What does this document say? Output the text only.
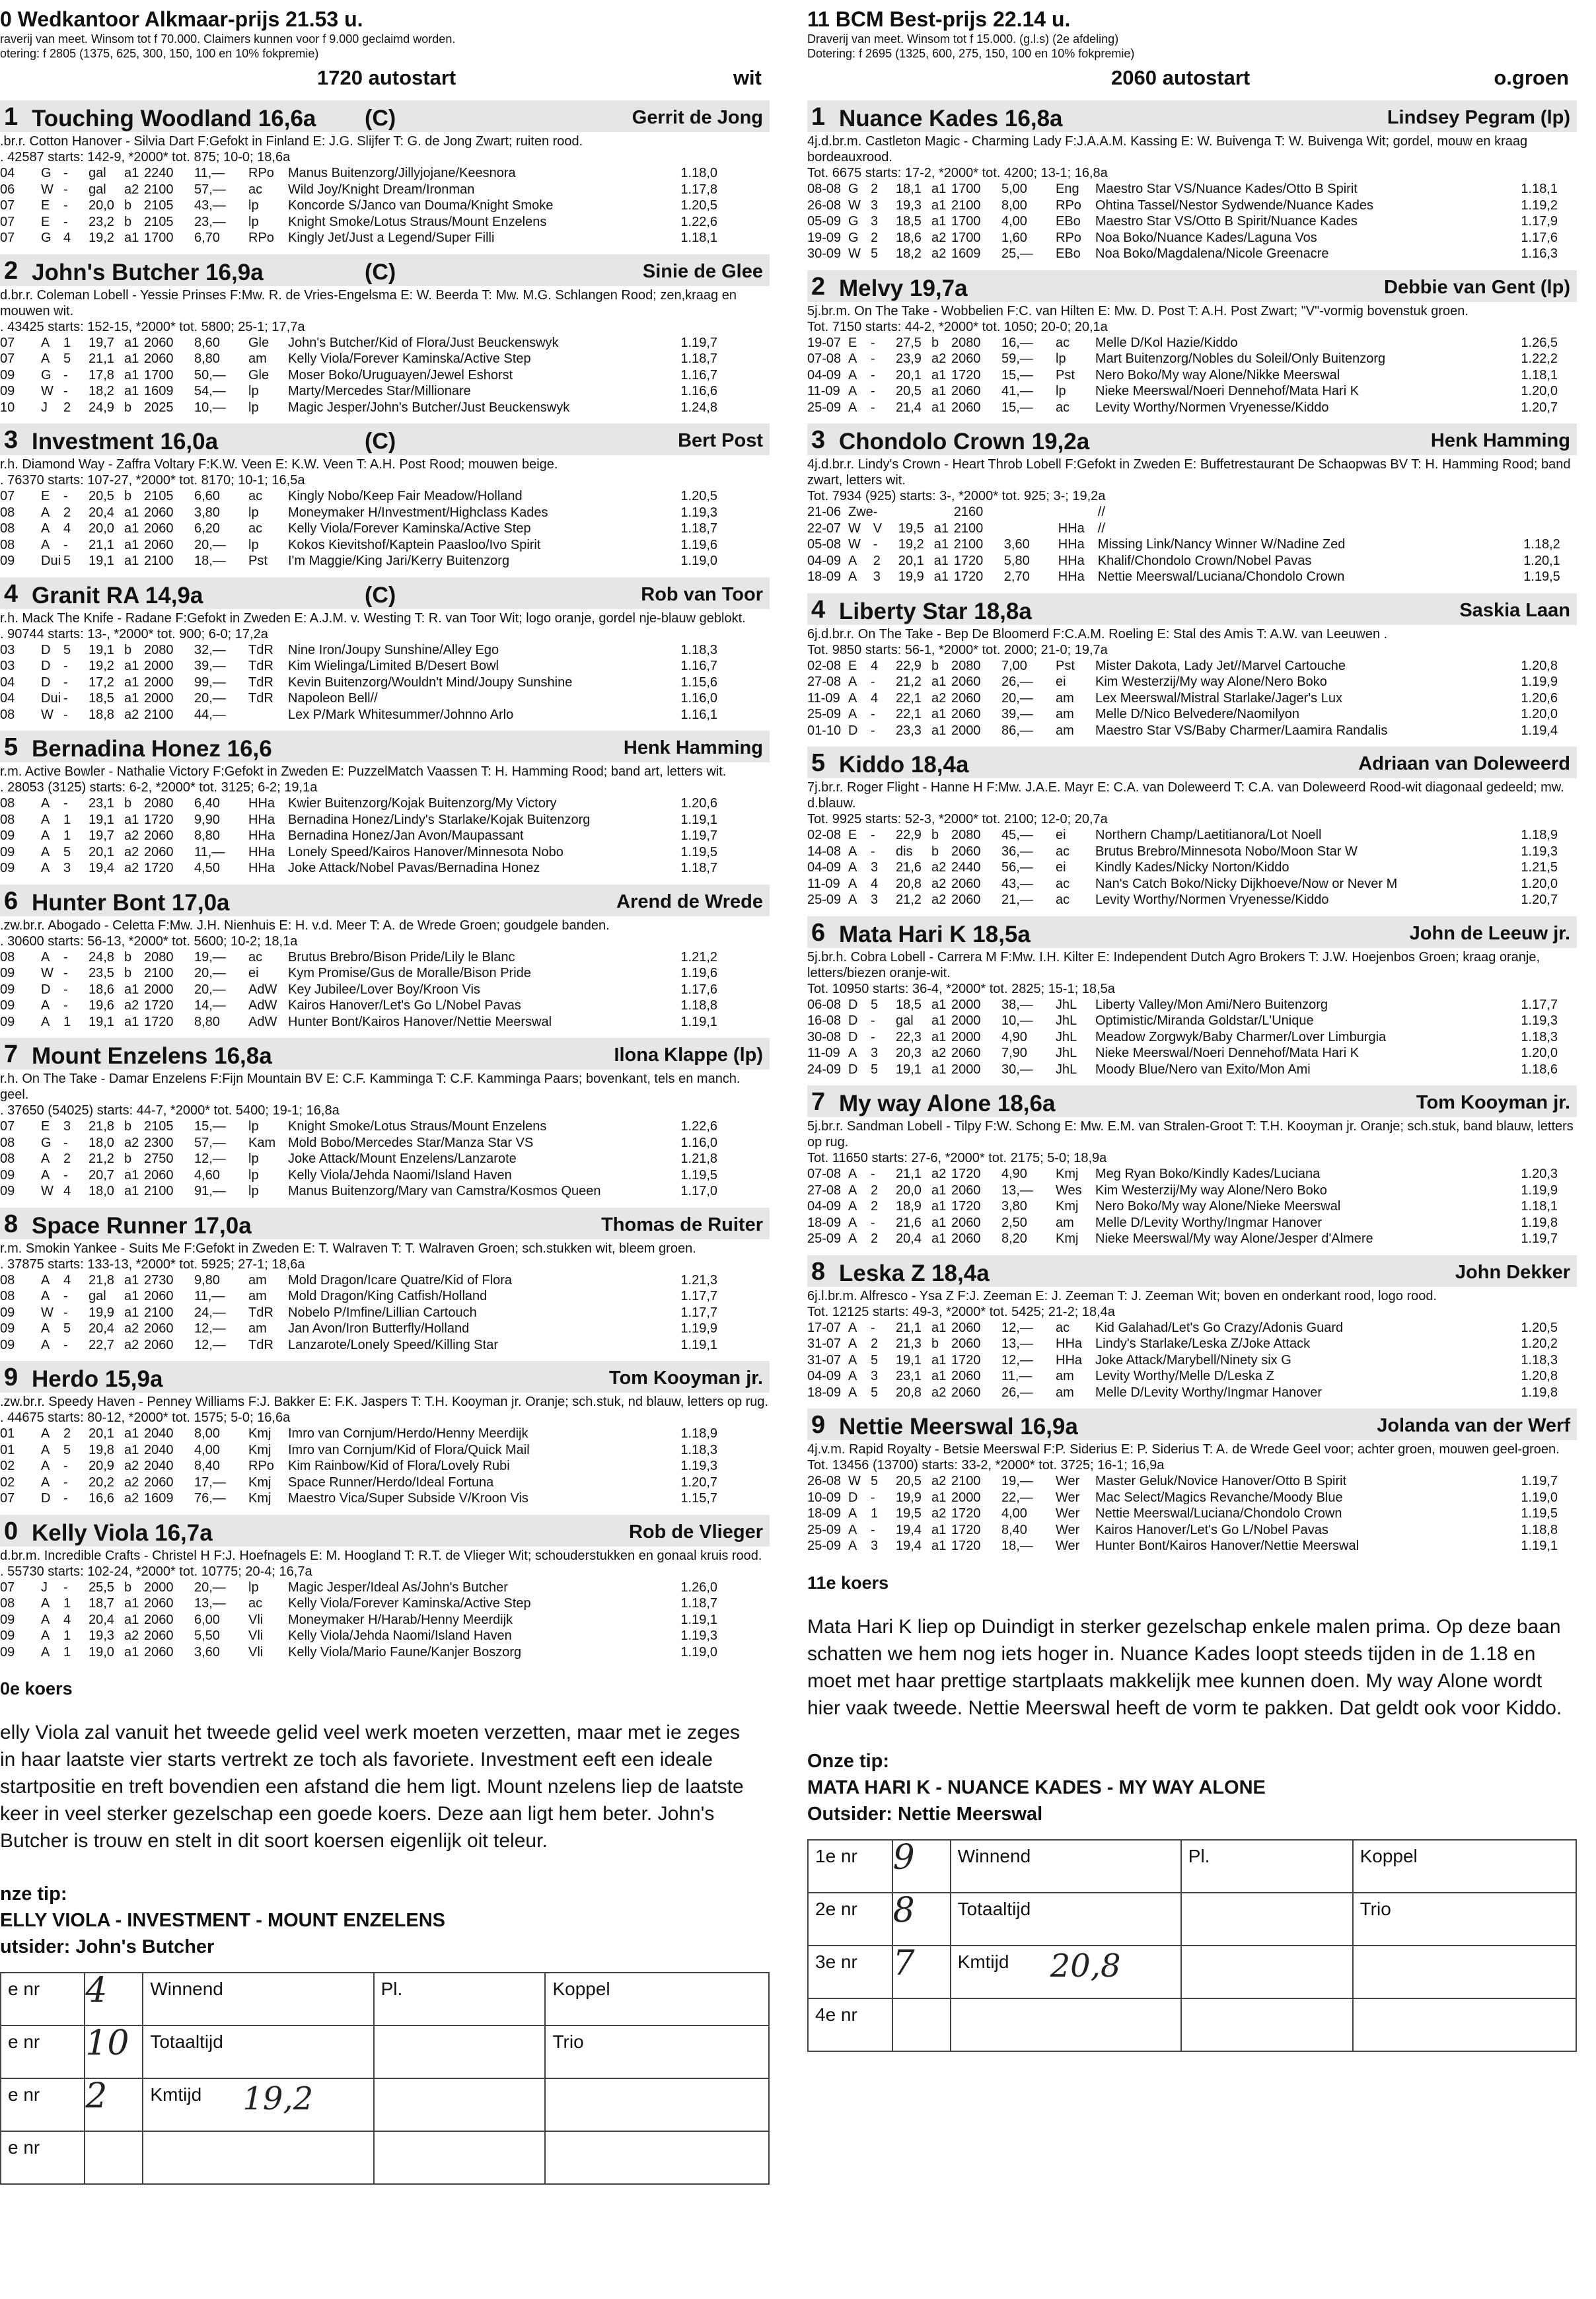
0 Wedkantoor Alkmaar-prijs 21.53 u.
raverij van meet. Winsom tot f 70.000. Claimers kunnen voor f 9.000 geclaimd worden.
otering: f 2805 (1375, 625, 300, 150, 100 en 10% fokpremie)
1720 autostart	wit
1 Touching Woodland 16,6a (C)	Gerrit de Jong
.br.r. Cotton Hanover - Silvia Dart F:Gefokt in Finland E: J.G. Slijfer T: G. de Jong Zwart; ruiten rood.
. 42587 starts: 142-9, *2000* tot. 875; 10-0; 18,6a
04	G	-	gal	a1	2240	11,—	RPo	Manus Buitenzorg/Jillyjojane/Keesnora	1.18,0
06	W	-	gal	a2	2100	57,—	ac	Wild Joy/Knight Dream/Ironman	1.17,8
07	E	-	20,0	b	2105	43,—	lp	Koncorde S/Janco van Douma/Knight Smoke	1.20,5
07	E	-	23,2	b	2105	23,—	lp	Knight Smoke/Lotus Straus/Mount Enzelens	1.22,6
07	G	4	19,2	a1	1700	6,70	RPo	Kingly Jet/Just a Legend/Super Filli	1.18,1
2 John's Butcher 16,9a	(C)	Sinie de Glee
d.br.r. Coleman Lobell - Yessie Prinses F:Mw. R. de Vries-Engelsma E: W. Beerda T: Mw. M.G. Schlangen Rood; zen,kraag en mouwen wit.
. 43425 starts: 152-15, *2000* tot. 5800; 25-1; 17,7a
07	A	1	19,7	a1	2060	8,60	Gle	John's Butcher/Kid of Flora/Just Beuckenswyk	1.19,7
07	A	5	21,1	a1	2060	8,80	am	Kelly Viola/Forever Kaminska/Active Step	1.18,7
09	G	-	17,8	a1	1700	50,—	Gle	Moser Boko/Uruguayen/Jewel Eshorst	1.16,7
09	W	-	18,2	a1	1609	54,—	lp	Marty/Mercedes Star/Millionare	1.16,6
10	J	2	24,9	b	2025	10,—	lp	Magic Jesper/John's Butcher/Just Beuckenswyk	1.24,8
3 Investment 16,0a	(C)	Bert Post
r.h. Diamond Way - Zaffra Voltary F:K.W. Veen E: K.W. Veen T: A.H. Post Rood; mouwen beige.
. 76370 starts: 107-27, *2000* tot. 8170; 10-1; 16,5a
07	E	-	20,5	b	2105	6,60	ac	Kingly Nobo/Keep Fair Meadow/Holland	1.20,5
08	A	2	20,4	a1	2060	3,80	lp	Moneymaker H/Investment/Highclass Kades	1.19,3
08	A	4	20,0	a1	2060	6,20	ac	Kelly Viola/Forever Kaminska/Active Step	1.18,7
08	A	-	21,1	a1	2060	20,—	lp	Kokos Kievitshof/Kaptein Paasloo/Ivo Spirit	1.19,6
09	Dui	5	19,1	a1	2100	18,—	Pst	I'm Maggie/King Jari/Kerry Buitenzorg	1.19,0
4 Granit RA 14,9a	(C)	Rob van Toor
r.h. Mack The Knife - Radane F:Gefokt in Zweden E: A.J.M. v. Westing T: R. van Toor Wit; logo oranje, gordel nje-blauw geblokt.
. 90744 starts: 13-, *2000* tot. 900; 6-0; 17,2a
03	D	5	19,1	b	2080	32,—	TdR	Nine Iron/Joupy Sunshine/Alley Ego	1.18,3
03	D	-	19,2	a1	2000	39,—	TdR	Kim Wielinga/Limited B/Desert Bowl	1.16,7
04	D	-	17,2	a1	2000	99,—	TdR	Kevin Buitenzorg/Wouldn't Mind/Joupy Sunshine	1.15,6
04	Dui	-	18,5	a1	2000	20,—	TdR	Napoleon Bell//	1.16,0
08	W	-	18,8	a2	2100	44,—		Lex P/Mark Whitesummer/Johnno Arlo	1.16,1
5 Bernadina Honez 16,6	Henk Hamming
r.m. Active Bowler - Nathalie Victory F:Gefokt in Zweden E: PuzzelMatch Vaassen T: H. Hamming Rood; band art, letters wit.
. 28053 (3125) starts: 6-2, *2000* tot. 3125; 6-2; 19,1a
08	A	-	23,1	b	2080	6,40	HHa	Kwier Buitenzorg/Kojak Buitenzorg/My Victory	1.20,6
08	A	1	19,1	a1	1720	9,90	HHa	Bernadina Honez/Lindy's Starlake/Kojak Buitenzorg	1.19,1
09	A	1	19,7	a2	2060	8,80	HHa	Bernadina Honez/Jan Avon/Maupassant	1.19,7
09	A	5	20,1	a2	2060	11,—	HHa	Lonely Speed/Kairos Hanover/Minnesota Nobo	1.19,5
09	A	3	19,4	a2	1720	4,50	HHa	Joke Attack/Nobel Pavas/Bernadina Honez	1.18,7
6 Hunter Bont 17,0a	Arend de Wrede
.zw.br.r. Abogado - Celetta F:Mw. J.H. Nienhuis E: H. v.d. Meer T: A. de Wrede Groen; goudgele banden.
. 30600 starts: 56-13, *2000* tot. 5600; 10-2; 18,1a
08	A	-	24,8	b	2080	19,—	ac	Brutus Brebro/Bison Pride/Lily le Blanc	1.21,2
09	W	-	23,5	b	2100	20,—	ei	Kym Promise/Gus de Moralle/Bison Pride	1.19,6
09	D	-	18,6	a1	2000	20,—	AdW	Key Jubilee/Lover Boy/Kroon Vis	1.17,6
09	A	-	19,6	a2	1720	14,—	AdW	Kairos Hanover/Let's Go L/Nobel Pavas	1.18,8
09	A	1	19,1	a1	1720	8,80	AdW	Hunter Bont/Kairos Hanover/Nettie Meerswal	1.19,1
7 Mount Enzelens 16,8a	Ilona Klappe (lp)
r.h. On The Take - Damar Enzelens F:Fijn Mountain BV E: C.F. Kamminga T: C.F. Kamminga Paars; bovenkant, tels en manch. geel.
. 37650 (54025) starts: 44-7, *2000* tot. 5400; 19-1; 16,8a
07	E	3	21,8	b	2105	15,—	lp	Knight Smoke/Lotus Straus/Mount Enzelens	1.22,6
08	G	-	18,0	a2	2300	57,—	Kam	Mold Bobo/Mercedes Star/Manza Star VS	1.16,0
08	A	2	21,2	b	2750	12,—	lp	Joke Attack/Mount Enzelens/Lanzarote	1.21,8
09	A	-	20,7	a1	2060	4,60	lp	Kelly Viola/Jehda Naomi/Island Haven	1.19,5
09	W	4	18,0	a1	2100	91,—	lp	Manus Buitenzorg/Mary van Camstra/Kosmos Queen	1.17,0
8 Space Runner 17,0a	Thomas de Ruiter
r.m. Smokin Yankee - Suits Me F:Gefokt in Zweden E: T. Walraven T: T. Walraven Groen; sch.stukken wit, bleem groen.
. 37875 starts: 133-13, *2000* tot. 5925; 27-1; 18,6a
08	A	4	21,8	a1	2730	9,80	am	Mold Dragon/Icare Quatre/Kid of Flora	1.21,3
08	A	-	gal	a1	2060	11,—	am	Mold Dragon/King Catfish/Holland	1.17,7
09	W	-	19,9	a1	2100	24,—	TdR	Nobelo P/Imfine/Lillian Cartouch	1.17,7
09	A	5	20,4	a2	2060	12,—	am	Jan Avon/Iron Butterfly/Holland	1.19,9
09	A	-	22,7	a2	2060	12,—	TdR	Lanzarote/Lonely Speed/Killing Star	1.19,1
9 Herdo 15,9a	Tom Kooyman jr.
.zw.br.r. Speedy Haven - Penney Williams F:J. Bakker E: F.K. Jaspers T: T.H. Kooyman jr. Oranje; sch.stuk, nd blauw, letters op rug.
. 44675 starts: 80-12, *2000* tot. 1575; 5-0; 16,6a
01	A	2	20,1	a1	2040	8,00	Kmj	Imro van Cornjum/Herdo/Henny Meerdijk	1.18,9
01	A	5	19,8	a1	2040	4,00	Kmj	Imro van Cornjum/Kid of Flora/Quick Mail	1.18,3
02	A	-	20,9	a2	2040	8,40	RPo	Kim Rainbow/Kid of Flora/Lovely Rubi	1.19,3
02	A	-	20,2	a2	2060	17,—	Kmj	Space Runner/Herdo/Ideal Fortuna	1.20,7
07	D	-	16,6	a2	1609	76,—	Kmj	Maestro Vica/Super Subside V/Kroon Vis	1.15,7
0 Kelly Viola 16,7a	Rob de Vlieger
d.br.m. Incredible Crafts - Christel H F:J. Hoefnagels E: M. Hoogland T: R.T. de Vlieger Wit; schouderstukken en gonaal kruis rood.
. 55730 starts: 102-24, *2000* tot. 10775; 20-4; 16,7a
07	J	-	25,5	b	2000	20,—	lp	Magic Jesper/Ideal As/John's Butcher	1.26,0
08	A	1	18,7	a1	2060	13,—	ac	Kelly Viola/Forever Kaminska/Active Step	1.18,7
09	A	4	20,4	a1	2060	6,00	Vli	Moneymaker H/Harab/Henny Meerdijk	1.19,1
09	A	1	19,3	a2	2060	5,50	Vli	Kelly Viola/Jehda Naomi/Island Haven	1.19,3
09	A	1	19,0	a1	2060	3,60	Vli	Kelly Viola/Mario Faune/Kanjer Boszorg	1.19,0
0e koers
elly Viola zal vanuit het tweede gelid veel werk moeten verzetten, maar met ie zeges in haar laatste vier starts vertrekt ze toch als favoriete. Investment eeft een ideale startpositie en treft bovendien een afstand die hem ligt. Mount nzelens liep de laatste keer in veel sterker gezelschap een goede koers. Deze aan ligt hem beter. John's Butcher is trouw en stelt in dit soort koersen eigenlijk oit teleur.
nze tip:
ELLY VIOLA - INVESTMENT - MOUNT ENZELENS
utsider: John's Butcher
e nr	4	Winnend	Pl.	Koppel
e nr	10	Totaaltijd		Trio
e nr	2	Kmtijd 19,2		

e nr				
11 BCM Best-prijs 22.14 u.
Draverij van meet. Winsom tot f 15.000. (g.l.s) (2e afdeling)
Dotering: f 2695 (1325, 600, 275, 150, 100 en 10% fokpremie)
2060 autostart	o.groen
1 Nuance Kades 16,8a	Lindsey Pegram (lp)
4j.d.br.m. Castleton Magic - Charming Lady F:J.A.A.M. Kassing E: W. Buivenga T: W. Buivenga Wit; gordel, mouw en kraag bordeauxrood.
Tot. 6675 starts: 17-2, *2000* tot. 4200; 13-1; 16,8a
08-08	G	2	18,1	a1	1700	5,00	Eng	Maestro Star VS/Nuance Kades/Otto B Spirit	1.18,1
26-08	W	3	19,3	a1	2100	8,00	RPo	Ohtina Tassel/Nestor Sydwende/Nuance Kades	1.19,2
05-09	G	3	18,5	a1	1700	4,00	EBo	Maestro Star VS/Otto B Spirit/Nuance Kades	1.17,9
19-09	G	2	18,6	a2	1700	1,60	RPo	Noa Boko/Nuance Kades/Laguna Vos	1.17,6
30-09	W	5	18,2	a2	1609	25,—	EBo	Noa Boko/Magdalena/Nicole Greenacre	1.16,3
2 Melvy 19,7a	Debbie van Gent (lp)
5j.br.m. On The Take - Wobbelien F:C. van Hilten E: Mw. D. Post T: A.H. Post Zwart; "V"-vormig bovenstuk groen.
Tot. 7150 starts: 44-2, *2000* tot. 1050; 20-0; 20,1a
19-07	E	-	27,5	b	2080	16,—	ac	Melle D/Kol Hazie/Kiddo	1.26,5
07-08	A	-	23,9	a2	2060	59,—	lp	Mart Buitenzorg/Nobles du Soleil/Only Buitenzorg	1.22,2
04-09	A	-	20,1	a1	1720	15,—	Pst	Nero Boko/My way Alone/Nikke Meerswal	1.18,1
11-09	A	-	20,5	a1	2060	41,—	lp	Nieke Meerswal/Noeri Dennehof/Mata Hari K	1.20,0
25-09	A	-	21,4	a1	2060	15,—	ac	Levity Worthy/Normen Vryenesse/Kiddo	1.20,7
3 Chondolo Crown 19,2a	Henk Hamming
4j.d.br.r. Lindy's Crown - Heart Throb Lobell F:Gefokt in Zweden E: Buffetrestaurant De Schaopwas BV T: H. Hamming Rood; band zwart, letters wit.
Tot. 7934 (925) starts: 3-, *2000* tot. 925; 3-; 19,2a
21-06	Zwe	-			2160			//	
22-07	W	V	19,5	a1	2100		HHa	//	
05-08	W	-	19,2	a1	2100	3,60	HHa	Missing Link/Nancy Winner W/Nadine Zed	1.18,2
04-09	A	2	20,1	a1	1720	5,80	HHa	Khalif/Chondolo Crown/Nobel Pavas	1.20,1
18-09	A	3	19,9	a1	1720	2,70	HHa	Nettie Meerswal/Luciana/Chondolo Crown	1.19,5
4 Liberty Star 18,8a	Saskia Laan
6j.d.br.r. On The Take - Bep De Bloomerd F:C.A.M. Roeling E: Stal des Amis T: A.W. van Leeuwen .
Tot. 9850 starts: 56-1, *2000* tot. 2000; 21-0; 19,7a
02-08	E	4	22,9	b	2080	7,00	Pst	Mister Dakota, Lady Jet//Marvel Cartouche	1.20,8
27-08	A	-	21,2	a1	2060	26,—	ei	Kim Westerzij/My way Alone/Nero Boko	1.19,9
11-09	A	4	22,1	a2	2060	20,—	am	Lex Meerswal/Mistral Starlake/Jager's Lux	1.20,6
25-09	A	-	22,1	a1	2060	39,—	am	Melle D/Nico Belvedere/Naomilyon	1.20,0
01-10	D	-	23,3	a1	2000	86,—	am	Maestro Star VS/Baby Charmer/Laamira Randalis	1.19,4
5 Kiddo 18,4a	Adriaan van Doleweerd
7j.br.r. Roger Flight - Hanne H F:Mw. J.A.E. Mayr E: C.A. van Doleweerd T: C.A. van Doleweerd Rood-wit diagonaal gedeeld; mw. d.blauw.
Tot. 9925 starts: 52-3, *2000* tot. 2100; 12-0; 20,7a
02-08	E	-	22,9	b	2080	45,—	ei	Northern Champ/Laetitianora/Lot Noell	1.18,9
14-08	A	-	dis	b	2060	36,—	ac	Brutus Brebro/Minnesota Nobo/Moon Star W	1.19,3
04-09	A	3	21,6	a2	2440	56,—	ei	Kindly Kades/Nicky Norton/Kiddo	1.21,5
11-09	A	4	20,8	a2	2060	43,—	ac	Nan's Catch Boko/Nicky Dijkhoeve/Now or Never M	1.20,0
25-09	A	3	21,2	a2	2060	21,—	ac	Levity Worthy/Normen Vryenesse/Kiddo	1.20,7
6 Mata Hari K 18,5a	John de Leeuw jr.
5j.br.h. Cobra Lobell - Carrera M F:Mw. I.H. Kilter E: Independent Dutch Agro Brokers T: J.W. Hoejenbos Groen; kraag oranje, letters/biezen oranje-wit.
Tot. 10950 starts: 36-4, *2000* tot. 2825; 15-1; 18,5a
06-08	D	5	18,5	a1	2000	38,—	JhL	Liberty Valley/Mon Ami/Nero Buitenzorg	1.17,7
16-08	D	-	gal	a1	2000	10,—	JhL	Optimistic/Miranda Goldstar/L'Unique	1.19,3
30-08	D	-	22,3	a1	2000	4,90	JhL	Meadow Zorgwyk/Baby Charmer/Lover Limburgia	1.18,3
11-09	A	3	20,3	a2	2060	7,90	JhL	Nieke Meerswal/Noeri Dennehof/Mata Hari K	1.20,0
24-09	D	5	19,1	a1	2000	30,—	JhL	Moody Blue/Nero van Exito/Mon Ami	1.18,6
7 My way Alone 18,6a	Tom Kooyman jr.
5j.br.r. Sandman Lobell - Tilpy F:W. Schong E: Mw. E.M. van Stralen-Groot T: T.H. Kooyman jr. Oranje; sch.stuk, band blauw, letters op rug.
Tot. 11650 starts: 27-6, *2000* tot. 2175; 5-0; 18,9a
07-08	A	-	21,1	a2	1720	4,90	Kmj	Meg Ryan Boko/Kindly Kades/Luciana	1.20,3
27-08	A	2	20,0	a1	2060	13,—	Wes	Kim Westerzij/My way Alone/Nero Boko	1.19,9
04-09	A	2	18,9	a1	1720	3,80	Kmj	Nero Boko/My way Alone/Nieke Meerswal	1.18,1
18-09	A	-	21,6	a1	2060	2,50	am	Melle D/Levity Worthy/Ingmar Hanover	1.19,8
25-09	A	2	20,4	a1	2060	8,20	Kmj	Nieke Meerswal/My way Alone/Jesper d'Almere	1.19,7
8 Leska Z 18,4a	John Dekker
6j.l.br.m. Alfresco - Ysa Z F:J. Zeeman E: J. Zeeman T: J. Zeeman Wit; boven en onderkant rood, logo rood.
Tot. 12125 starts: 49-3, *2000* tot. 5425; 21-2; 18,4a
17-07	A	-	21,1	a1	2060	12,—	ac	Kid Galahad/Let's Go Crazy/Adonis Guard	1.20,5
31-07	A	2	21,3	b	2060	13,—	HHa	Lindy's Starlake/Leska Z/Joke Attack	1.20,2
31-07	A	5	19,1	a1	1720	12,—	HHa	Joke Attack/Marybell/Ninety six G	1.18,3
04-09	A	3	23,1	a1	2060	11,—	am	Levity Worthy/Melle D/Leska Z	1.20,8
18-09	A	5	20,8	a2	2060	26,—	am	Melle D/Levity Worthy/Ingmar Hanover	1.19,8
9 Nettie Meerswal 16,9a	Jolanda van der Werf
4j.v.m. Rapid Royalty - Betsie Meerswal F:P. Siderius E: P. Siderius T: A. de Wrede Geel voor; achter groen, mouwen geel-groen.
Tot. 13456 (13700) starts: 33-2, *2000* tot. 3725; 16-1; 16,9a
26-08	W	5	20,5	a2	2100	19,—	Wer	Master Geluk/Novice Hanover/Otto B Spirit	1.19,7
10-09	D	-	19,9	a1	2000	22,—	Wer	Mac Select/Magics Revanche/Moody Blue	1.19,0
18-09	A	1	19,5	a2	1720	4,00	Wer	Nettie Meerswal/Luciana/Chondolo Crown	1.19,5
25-09	A	-	19,4	a1	1720	8,40	Wer	Kairos Hanover/Let's Go L/Nobel Pavas	1.18,8
25-09	A	3	19,4	a1	1720	18,—	Wer	Hunter Bont/Kairos Hanover/Nettie Meerswal	1.19,1
11e koers
Mata Hari K liep op Duindigt in sterker gezelschap enkele malen prima. Op deze baan schatten we hem nog iets hoger in. Nuance Kades loopt steeds tijden in de 1.18 en moet met haar prettige startplaats makkelijk mee kunnen doen. My way Alone wordt hier vaak tweede. Nettie Meerswal heeft de vorm te pakken. Dat geldt ook voor Kiddo.
Onze tip:
MATA HARI K - NUANCE KADES - MY WAY ALONE
Outsider: Nettie Meerswal
1e nr	9	Winnend	Pl.	Koppel
2e nr	8	Totaaltijd		Trio
3e nr	7	Kmtijd 20,8		

4e nr				
